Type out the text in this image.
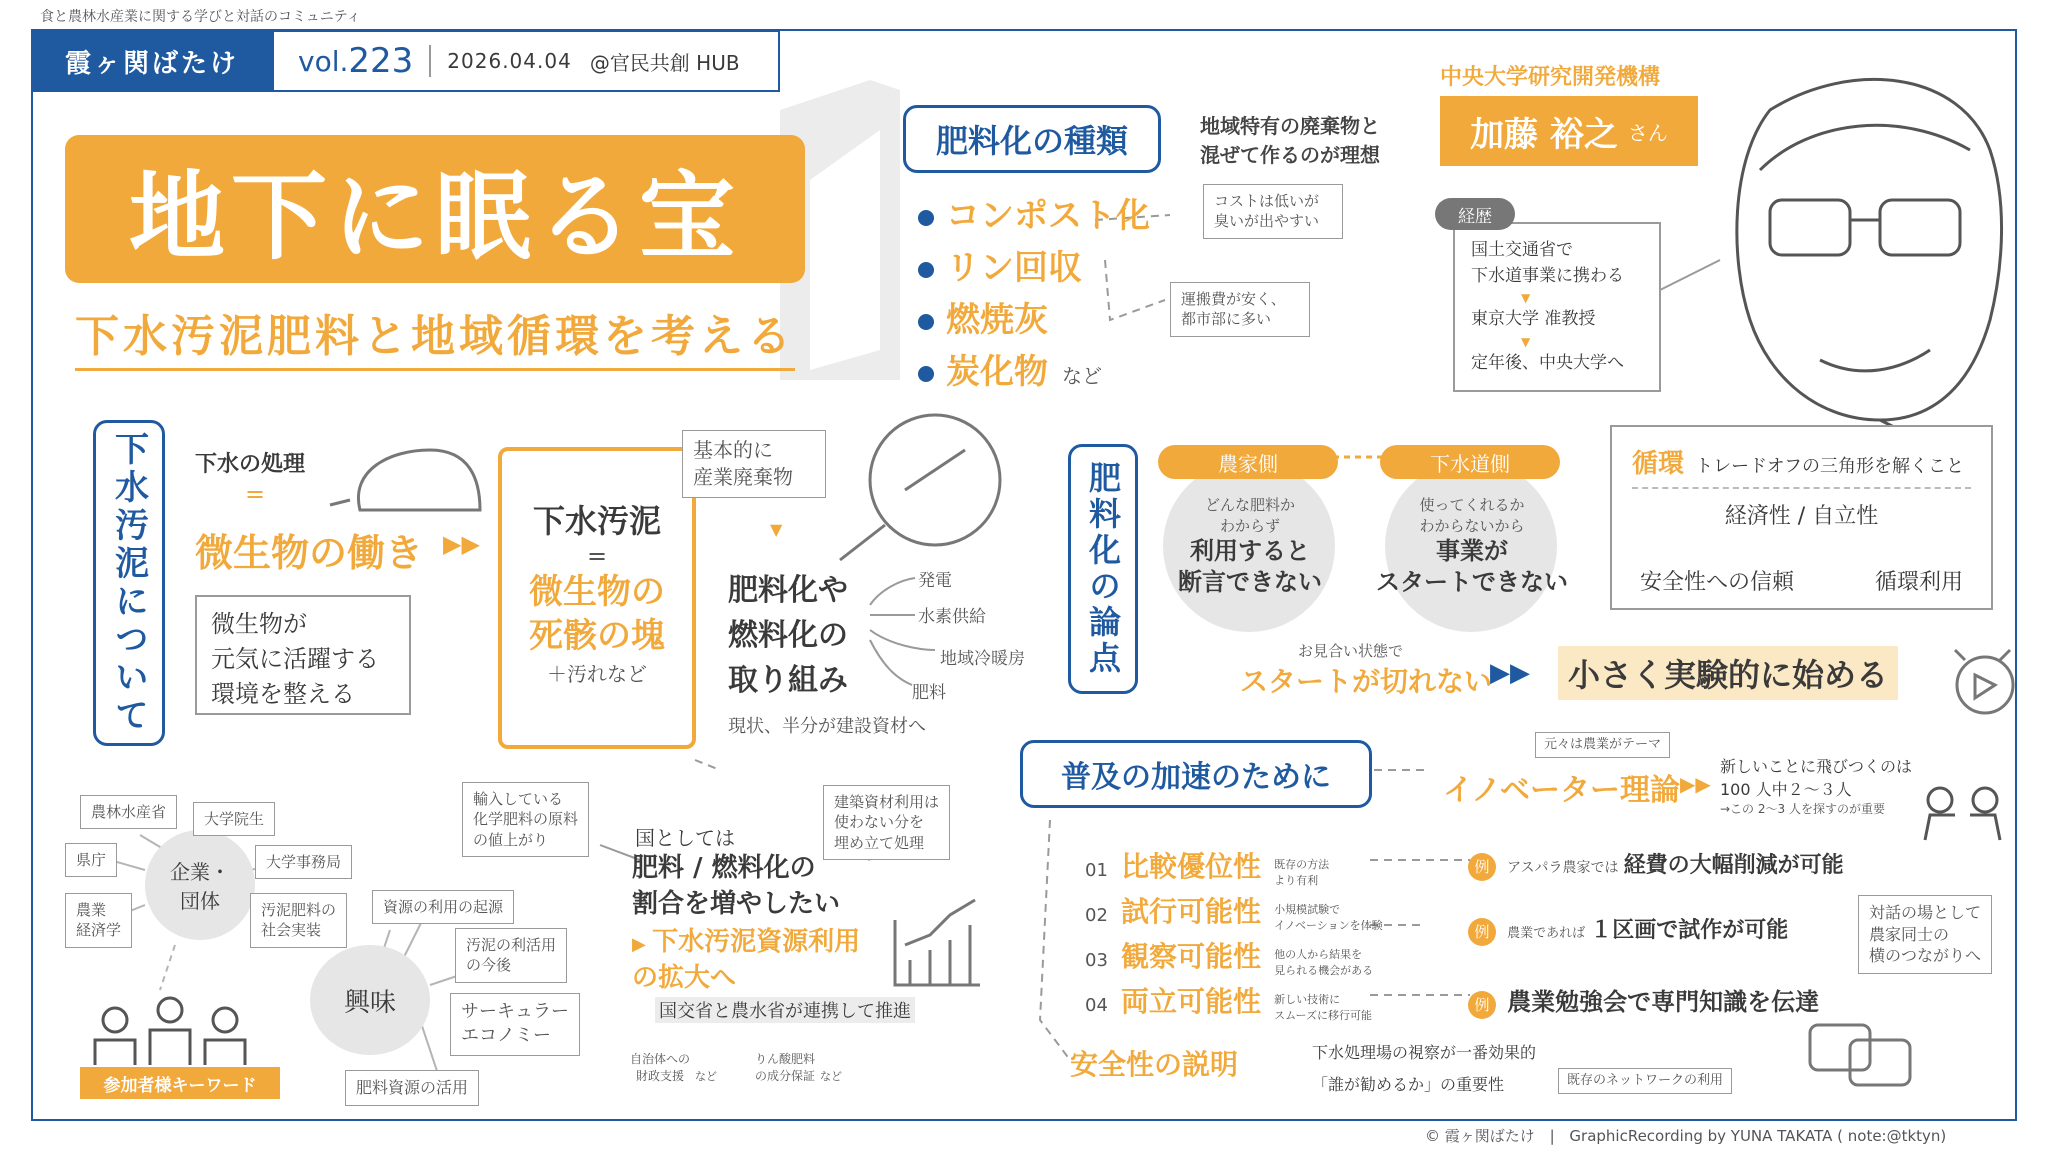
食と農林水産業に関する学びと対話のコミュニティ
霞ヶ関ばたけ	vol. 223 2026.04.04 @官民共創 HUB
地下に眠る宝
下水汚泥肥料と地域循環を考える
肥料化の種類	地域特有の廃棄物と
混ぜて作るのが理想
コンポスト化
リン回収
燃焼灰
炭化物 など
コストは低いが
臭いが出やすい
運搬費が安く、
都市部に多い
中央大学研究開発機構
加藤 裕之 さん
国土交通省で
下水道事業に携わる
▼
東京大学 准教授
▼
定年後、中央大学へ
経歴
下水汚泥について	下水の処理
=
微生物の働き ▶▶
微生物が
元気に活躍する
環境を整える
下水汚泥
=
微生物の
死骸の塊
＋汚れなど
基本的に
産業廃棄物
▼
肥料化や
燃料化の
取り組み
発電
水素供給
地域冷暖房
肥料
現状、半分が建設資材へ
肥料化の論点	農家側	下水道側
どんな肥料か
わからず
利用すると
断言できない
使ってくれるか
わからないから
事業が
スタートできない
お見合い状態で
スタートが切れない
▶▶	小さく実験的に始める
循環 トレードオフの三角形を解くこと
経済性 / 自立性
安全性への信頼	循環利用
企業・
団体
興味
農林水産省	大学院生
県庁	大学事務局
農業
経済学
汚泥肥料の
社会実装
資源の利用の起源
汚泥の利活用
の今後
サーキュラー
エコノミー
肥料資源の活用
参加者様キーワード
輸入している
化学肥料の原料
の値上がり
建築資材利用は
使わない分を
埋め立て処理
国としては
肥料 / 燃料化の
割合を増やしたい
▶ 下水汚泥資源利用
の拡大へ
国交省と農水省が連携して推進
自治体への
財政支援 など
りん酸肥料
の成分保証 など
普及の加速のために
元々は農業がテーマ
イノベーター理論 ▶▶
新しいことに飛びつくのは
100 人中２〜３人
→この 2〜3 人を探すのが重要
01 比較優位性 既存の方法
より有利
02 試行可能性 小規模試験で
イノベーションを体験
03 観察可能性 他の人から結果を
見られる機会がある
04 両立可能性 新しい技術に
スムーズに移行可能
例 アスパラ農家では 経費の大幅削減が可能
例 農業であれば １区画で試作が可能
例 農業勉強会で専門知識を伝達
対話の場として
農家同士の
横のつながりへ
安全性の説明	下水処理場の視察が一番効果的
「誰が勧めるか」の重要性	既存のネットワークの利用
© 霞ヶ関ばたけ | GraphicRecording by YUNA TAKATA ( note:@tktyn)
